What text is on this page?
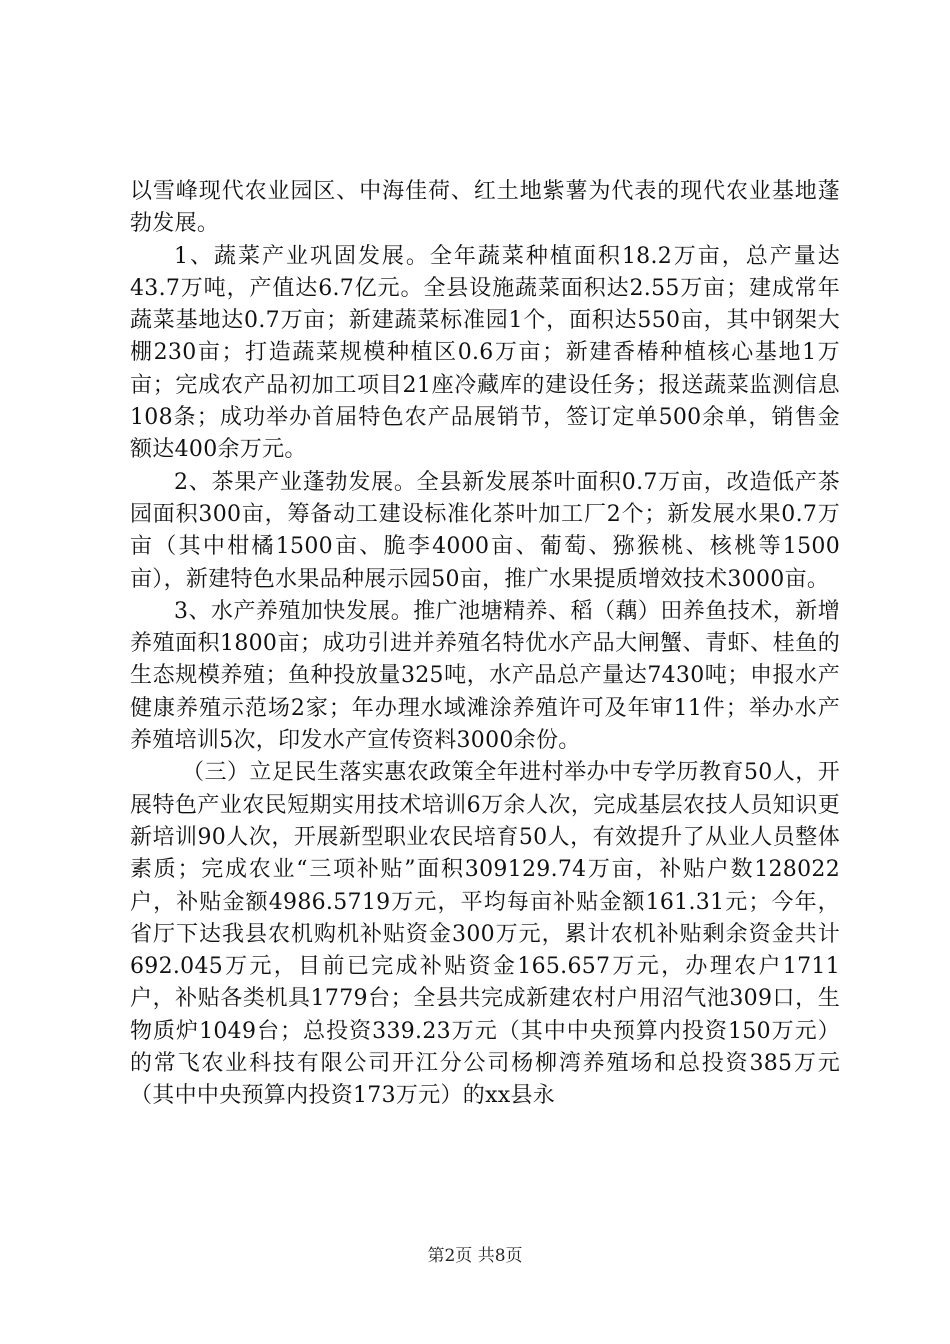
以雪峰现代农业园区、中海佳荷、红土地紫薯为代表的现代农业基地蓬勃发展。

1、蔬菜产业巩固发展。全年蔬菜种植面积18.2万亩，总产量达43.7万吨，产值达6.7亿元。全县设施蔬菜面积达2.55万亩；建成常年蔬菜基地达0.7万亩；新建蔬菜标准园1个，面积达550亩，其中钢架大棚230亩；打造蔬菜规模种植区0.6万亩；新建香椿种植核心基地1万亩；完成农产品初加工项目21座冷藏库的建设任务；报送蔬菜监测信息108条；成功举办首届特色农产品展销节，签订定单500余单，销售金额达400余万元。

2、茶果产业蓬勃发展。全县新发展茶叶面积0.7万亩，改造低产茶园面积300亩，筹备动工建设标准化茶叶加工厂2个；新发展水果0.7万亩（其中柑橘1500亩、脆李4000亩、葡萄、猕猴桃、核桃等1500亩），新建特色水果品种展示园50亩，推广水果提质增效技术3000亩。

3、水产养殖加快发展。推广池塘精养、稻（藕）田养鱼技术，新增养殖面积1800亩；成功引进并养殖名特优水产品大闸蟹、青虾、桂鱼的生态规模养殖；鱼种投放量325吨，水产品总产量达7430吨；申报水产健康养殖示范场2家；年办理水域滩涂养殖许可及年审11件；举办水产养殖培训5次，印发水产宣传资料3000余份。

（三）立足民生落实惠农政策全年进村举办中专学历教育50人，开展特色产业农民短期实用技术培训6万余人次，完成基层农技人员知识更新培训90人次，开展新型职业农民培育50人，有效提升了从业人员整体素质；完成农业“三项补贴”面积309129.74万亩，补贴户数128022户，补贴金额4986.5719万元，平均每亩补贴金额161.31元；今年，省厅下达我县农机购机补贴资金300万元，累计农机补贴剩余资金共计692.045万元，目前已完成补贴资金165.657万元，办理农户1711户，补贴各类机具1779台；全县共完成新建农村户用沼气池309口，生物质炉1049台；总投资339.23万元（其中中央预算内投资150万元）的常飞农业科技有限公司开江分公司杨柳湾养殖场和总投资385万元（其中中央预算内投资173万元）的xx县永

第2页 共8页
